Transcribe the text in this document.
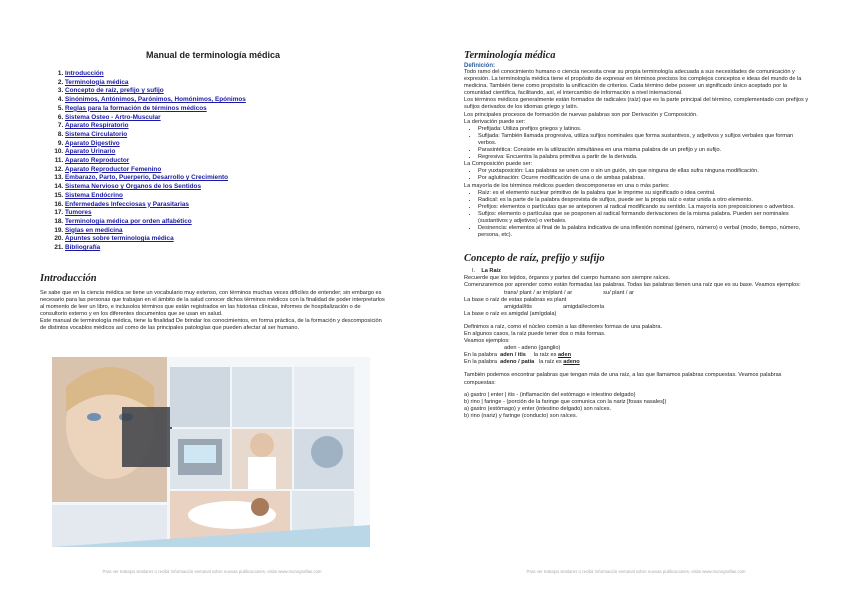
Manual de terminología médica
1. Introducción
2. Terminología médica
3. Concepto de raíz, prefijo y sufijo
4. Sinónimos, Antónimos, Parónimos, Homónimos, Epónimos
5. Reglas para la formación de términos médicos
6. Sistema Osteo - Artro-Muscular
7. Aparato Respiratorio
8. Sistema Circulatorio
9. Aparato Digestivo
10. Aparato Urinario
11. Aparato Reproductor
12. Aparato Reproductor Femenino
13. Embarazo, Parto, Puerperio, Desarrollo y Crecimiento
14. Sistema Nervioso y Organos de los Sentidos
15. Sistema Endócrino
16. Enfermedades Infecciosas y Parasitarias
17. Tumores
18. Terminología médica por orden alfabético
19. Siglas en medicina
20. Apuntes sobre terminología médica
21. Bibliografía
Introducción

Se sabe que en la ciencia médica se tiene un vocabulario muy extenso, con términos muchas veces difíciles de entender; sin embargo es necesario para las personas que trabajan en el ámbito de la salud conocer dichos términos médicos con la finalidad de poder interpretarlos al momento de leer un libro, e inclusolos términos que están registrados en las historias clínicas, informes de hospitalización o de consultorio externo y en los diferentes documentos que se usan en salud.

Este manual de terminología médica, tiene la finalidad De brindar los conocimientos, en forma práctica, de la formación y descomposición de distintos vocablos médicos así como de las principales patologías que pueden afectar al ser humano.

Para ver trabajos similares o recibir información semanal sobre nuevas publicaciones, visite www.monografias.com
Terminología médica
Definición:

Todo ramo del conocimiento humano o ciencia necesita crear su propia terminología adecuada a sus necesidades de comunicación y expresión. La terminología médica tiene el propósito de expresar en términos precisos los complejos conceptos e ideas del mundo de la medicina. También tiene como propósito la unificación de criterios. Cada término debe poseer un significado único aceptado por la comunidad científica, facilitando, así, el intercambio de información a nivel internacional.

Los términos médicos generalmente están formados de radicales (raíz) que es la parte principal del término, complementado con prefijos y sufijos derivados de los idiomas griego y latín.

Los principales procesos de formación de nuevas palabras son por Derivación y Composición.

La derivación puede ser:

• Prefijada: Utiliza prefijos griegos y latinos.
• Sufijada: También llamada progresiva, utiliza sufijos nominales que forma sustantivos, y adjetivos y sufijos verbales que forman verbos.
• Parasintética: Consiste en la utilización simultánea en una misma palabra de un prefijo y un sufijo.
• Regresiva: Encuentra la palabra primitiva a partir de la derivada.

La Composición puede ser:

• Por yuxtaposición: Las palabras se unen con o sin un guión, sin que ninguna de ellas sufra ninguna modificación.
• Por aglutinación: Ocurre modificación de una o de ambas palabras.

La mayoría de los términos médicos pueden descomponerse en una o más partes:

• Raíz: es el elemento nuclear primitivo de la palabra que le imprime su significado o idea central.
• Radical: es la parte de la palabra desprovista de sufijos, puede ser la propia raíz o estar unida a otro elemento.
• Prefijos: elementos o partículas que se anteponen al radical modificando su sentido. La mayoría son preposiciones o adverbios.
• Sufijos: elemento o partículas que se posponen al radical formando derivaciones de la misma palabra. Pueden ser nominales (sustantivos y adjetivos) o verbales.
• Desinencia: elementos al final de la palabra indicativa de una inflexión nominal (género, número) o verbal (modo, tiempo, número, persona, etc).
Concepto de raíz, prefijo y sufijo

I. La Raíz

Recuerde que los tejidos, órganos y partes del cuerpo humano son siempre raíces.

Comenzaremos por aprender como están formadas las palabras. Todas las palabras tienen una raíz que es su base. Veamos ejemplos:

trans/ plant / ar im/plant / ar                    su/ plant / ar

La base o raíz de estas palabras es plant

amigdal/itis                    amigdal/ectomía

La base o raíz es amigdal (amígdala)

Definimos a raíz, como el núcleo común a las diferentes formas de una palabra.

En algunos casos, la raíz puede tener dos o más formas.

Veamos ejemplos:

aden - adeno (ganglio)

En la palabra aden / itis la raíz es aden

En la palabra adeno / patía la raíz es adeno

También podemos encontrar palabras que tengan más de una raíz, a las que llamamos palabras compuestas. Veamos palabras compuestas:

a) gastro | enter | itis - (inflamación del estómago e intestino delgado)

b) rino | faringe - (porción de la faringe que comunica con la nariz [fosas nasales])

a) gastro (estómago) y enter (intestino delgado) son raíces.

b) rino (nariz) y faringe (conducto) son raíces.

Para ver trabajos similares o recibir información semanal sobre nuevas publicaciones, visite www.monografias.com
